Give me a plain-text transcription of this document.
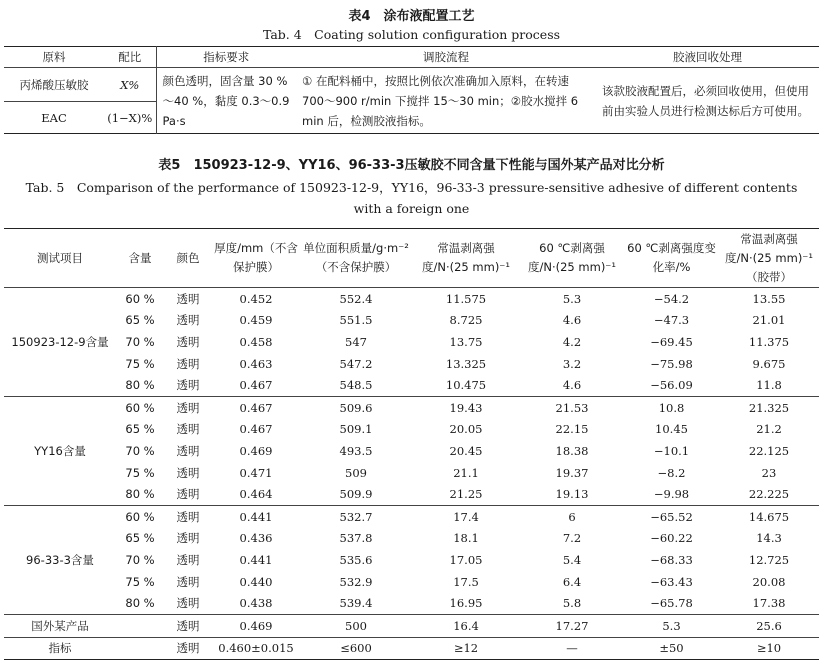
表4　涂布液配置工艺
Tab. 4　Coating solution configuration process
原料	配比	指标要求	调胶流程	胶液回收处理
丙烯酸压敏胶	X%	颜色透明，固含量 30 %～40 %，黏度 0.3～0.9 Pa·s	① 在配料桶中，按照比例依次准确加入原料，在转速 700～900 r/min 下搅拌 15～30 min；②胶水搅拌 6 min 后，检测胶液指标。	该款胶液配置后，必须回收使用，但使用前由实验人员进行检测达标后方可使用。
EAC	(1−X)%			
表5　150923-12-9、YY16、96-33-3压敏胶不同含量下性能与国外某产品对比分析
Tab. 5　Comparison of the performance of 150923-12-9，YY16，96-33-3 pressure-sensitive adhesive of different contents with a foreign one
测试项目	含量	颜色	厚度/mm（不含保护膜）	单位面积质量/g·m⁻²（不含保护膜）	常温剥离强度/N·(25 mm)⁻¹	60 ℃剥离强度/N·(25 mm)⁻¹	60 ℃剥离强度变化率/%	常温剥离强度/N·(25 mm)⁻¹（胶带）
150923-12-9含量	60 %	透明	0.452	552.4	11.575	5.3	−54.2	13.55
	65 %	透明	0.459	551.5	8.725	4.6	−47.3	21.01
	70 %	透明	0.458	547	13.75	4.2	−69.45	11.375
	75 %	透明	0.463	547.2	13.325	3.2	−75.98	9.675
	80 %	透明	0.467	548.5	10.475	4.6	−56.09	11.8
YY16含量	60 %	透明	0.467	509.6	19.43	21.53	10.8	21.325
	65 %	透明	0.467	509.1	20.05	22.15	10.45	21.2
	70 %	透明	0.469	493.5	20.45	18.38	−10.1	22.125
	75 %	透明	0.471	509	21.1	19.37	−8.2	23
	80 %	透明	0.464	509.9	21.25	19.13	−9.98	22.225
96-33-3含量	60 %	透明	0.441	532.7	17.4	6	−65.52	14.675
	65 %	透明	0.436	537.8	18.1	7.2	−60.22	14.3
	70 %	透明	0.441	535.6	17.05	5.4	−68.33	12.725
	75 %	透明	0.440	532.9	17.5	6.4	−63.43	20.08
	80 %	透明	0.438	539.4	16.95	5.8	−65.78	17.38
国外某产品		透明	0.469	500	16.4	17.27	5.3	25.6
指标		透明	0.460±0.015	≤600	≥12	—	±50	≥10
